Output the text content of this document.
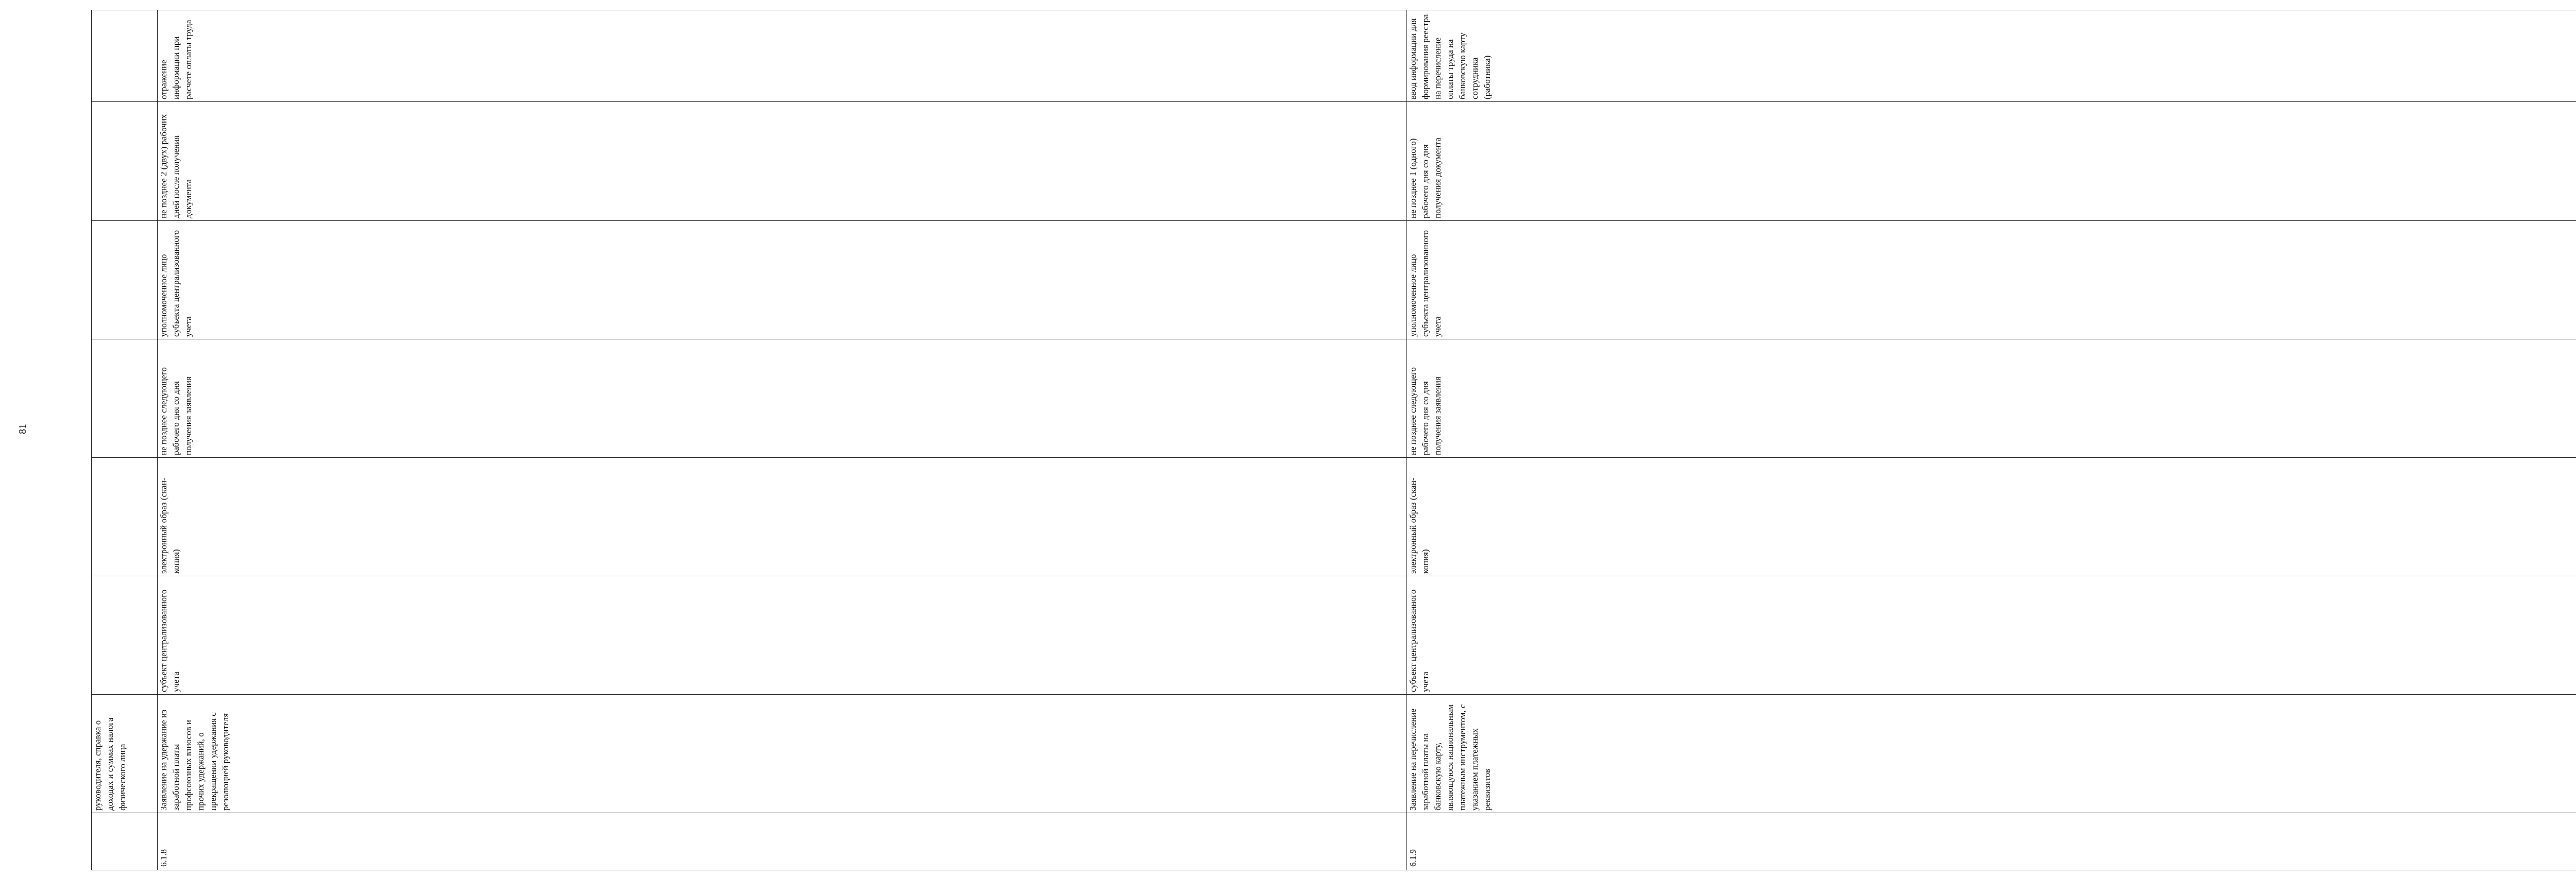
81
	руководителя, справка о доходах и суммах налога физического лица							
6.1.8	Заявление на удержание из заработной платы профсоюзных взносов и прочих удержаний, о прекращении удержания с резолюцией руководителя	субъект централизованного учета	электронный образ (скан-копия)	не позднее следующего рабочего дня со дня получения заявления	уполномоченное лицо субъекта централизованного учета	не позднее 2 (двух) рабочих дней после получения документа	отражение информации при расчете оплаты труда	
6.1.9	Заявление на перечисление заработной платы на банковскую карту, являющуюся национальным платежным инструментом, с указанием платежных реквизитов	субъект централизованного учета	электронный образ (скан-копия)	не позднее следующего рабочего дня со дня получения заявления	уполномоченное лицо субъекта централизованного учета	не позднее 1 (одного) рабочего дня со дня получения документа	ввод информации для формирования реестра на перечисление оплаты труда на банковскую карту сотрудника (работника)	
